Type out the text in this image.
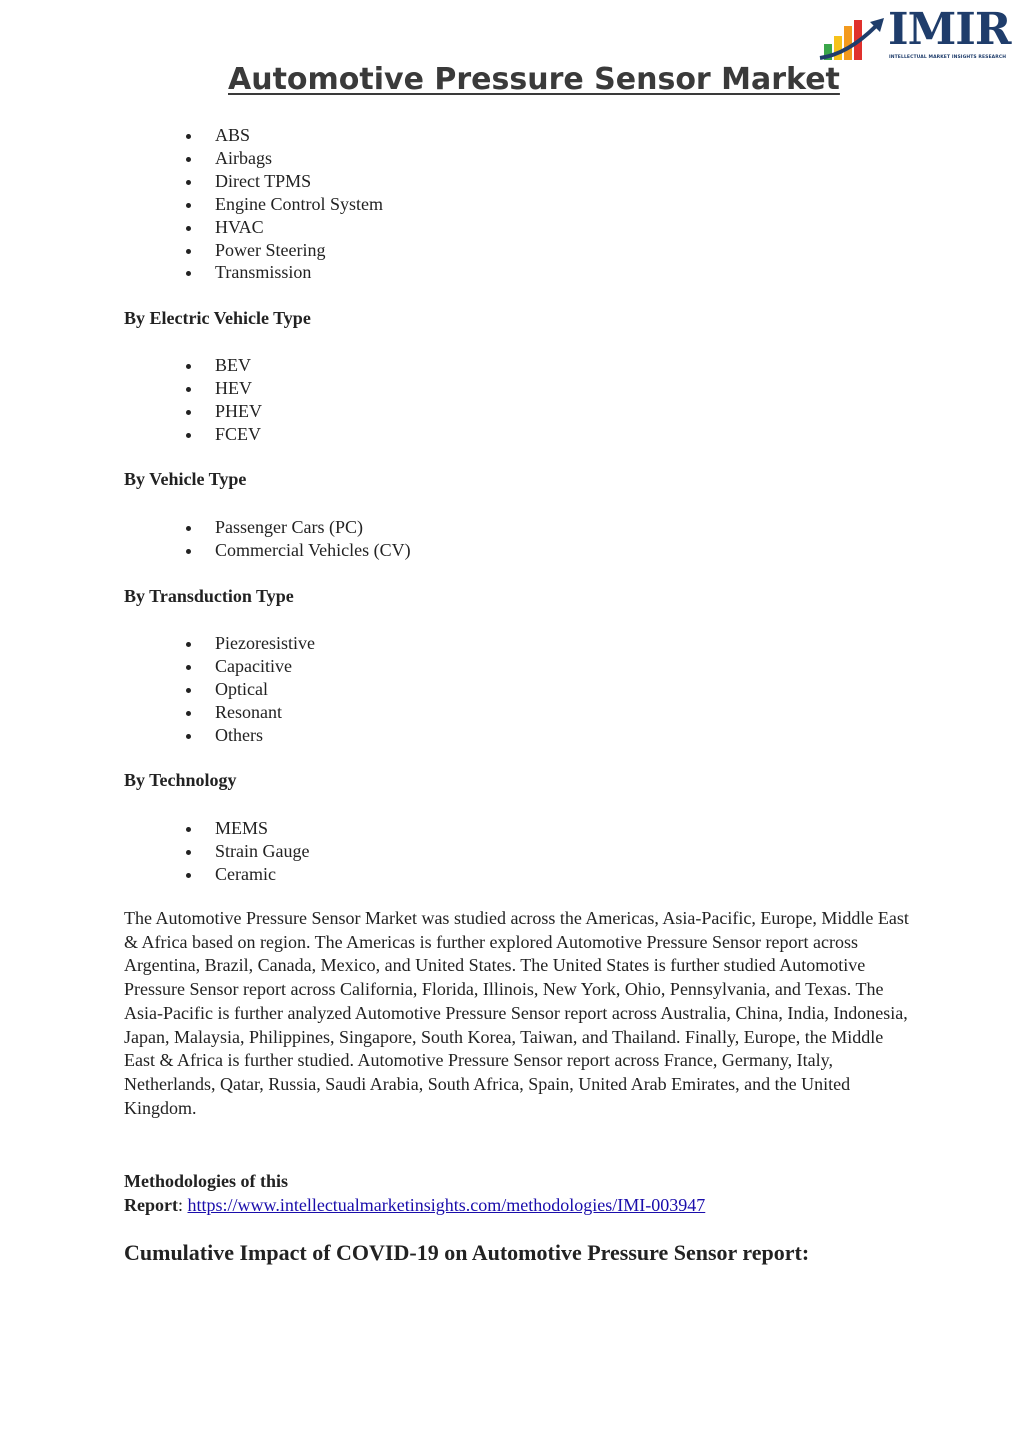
IMIR
INTELLECTUAL MARKET INSIGHTS RESEARCH
Automotive Pressure Sensor Market
ABS
Airbags
Direct TPMS
Engine Control System
HVAC
Power Steering
Transmission
By Electric Vehicle Type
BEV
HEV
PHEV
FCEV
By Vehicle Type
Passenger Cars (PC)
Commercial Vehicles (CV)
By Transduction Type
Piezoresistive
Capacitive
Optical
Resonant
Others
By Technology
MEMS
Strain Gauge
Ceramic

The Automotive Pressure Sensor Market was studied across the Americas, Asia-Pacific, Europe, Middle East & Africa based on region. The Americas is further explored Automotive Pressure Sensor report across Argentina, Brazil, Canada, Mexico, and United States. The United States is further studied Automotive Pressure Sensor report across California, Florida, Illinois, New York, Ohio, Pennsylvania, and Texas. The Asia-Pacific is further analyzed Automotive Pressure Sensor report across Australia, China, India, Indonesia, Japan, Malaysia, Philippines, Singapore, South Korea, Taiwan, and Thailand. Finally, Europe, the Middle East & Africa is further studied. Automotive Pressure Sensor report across France, Germany, Italy, Netherlands, Qatar, Russia, Saudi Arabia, South Africa, Spain, United Arab Emirates, and the United Kingdom.

Methodologies of this
Report: https://www.intellectualmarketinsights.com/methodologies/IMI-003947

Cumulative Impact of COVID-19 on Automotive Pressure Sensor report:
